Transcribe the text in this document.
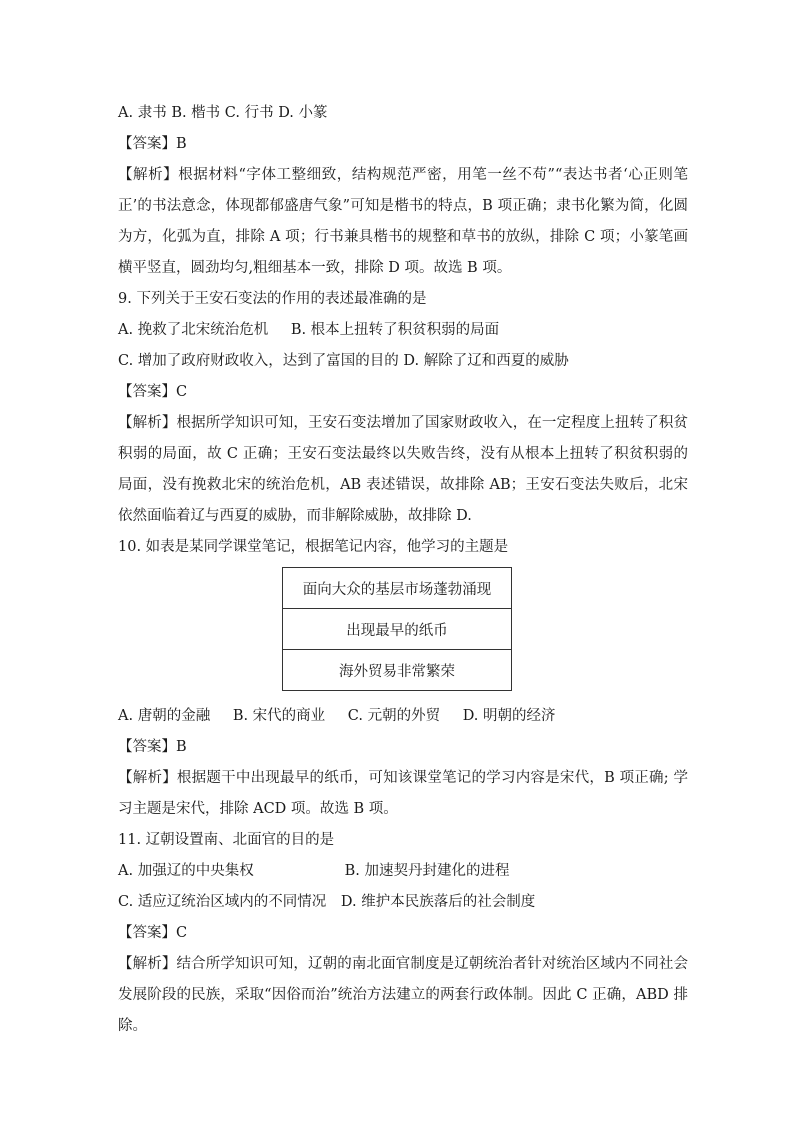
A. 隶书 B. 楷书 C. 行书 D. 小篆

【答案】B

【解析】根据材料“字体工整细致，结构规范严密，用笔一丝不苟”“表达书者‘心正则笔正’的书法意念，体现都郁盛唐气象”可知是楷书的特点，B 项正确；隶书化繁为简，化圆为方，化弧为直，排除 A 项；行书兼具楷书的规整和草书的放纵，排除 C 项；小篆笔画横平竖直，圆劲均匀,粗细基本一致，排除 D 项。故选 B 项。

9. 下列关于王安石变法的作用的表述最准确的是

A. 挽救了北宋统治危机 B. 根本上扭转了积贫积弱的局面

C. 增加了政府财政收入，达到了富国的目的 D. 解除了辽和西夏的威胁

【答案】C

【解析】根据所学知识可知，王安石变法增加了国家财政收入，在一定程度上扭转了积贫积弱的局面，故 C 正确；王安石变法最终以失败告终，没有从根本上扭转了积贫积弱的局面，没有挽救北宋的统治危机，AB 表述错误，故排除 AB；王安石变法失败后，北宋依然面临着辽与西夏的威胁，而非解除威胁，故排除 D.

10. 如表是某同学课堂笔记，根据笔记内容，他学习的主题是

面向大众的基层市场蓬勃涌现
出现最早的纸币
海外贸易非常繁荣

A. 唐朝的金融 B. 宋代的商业 C. 元朝的外贸 D. 明朝的经济

【答案】B

【解析】根据题干中出现最早的纸币，可知该课堂笔记的学习内容是宋代，B 项正确; 学习主题是宋代，排除 ACD 项。故选 B 项。

11. 辽朝设置南、北面官的目的是

A. 加强辽的中央集权	B. 加速契丹封建化的进程

C. 适应辽统治区域内的不同情况 D. 维护本民族落后的社会制度

【答案】C

【解析】结合所学知识可知，辽朝的南北面官制度是辽朝统治者针对统治区域内不同社会发展阶段的民族，采取“因俗而治”统治方法建立的两套行政体制。因此 C 正确，ABD 排除。
